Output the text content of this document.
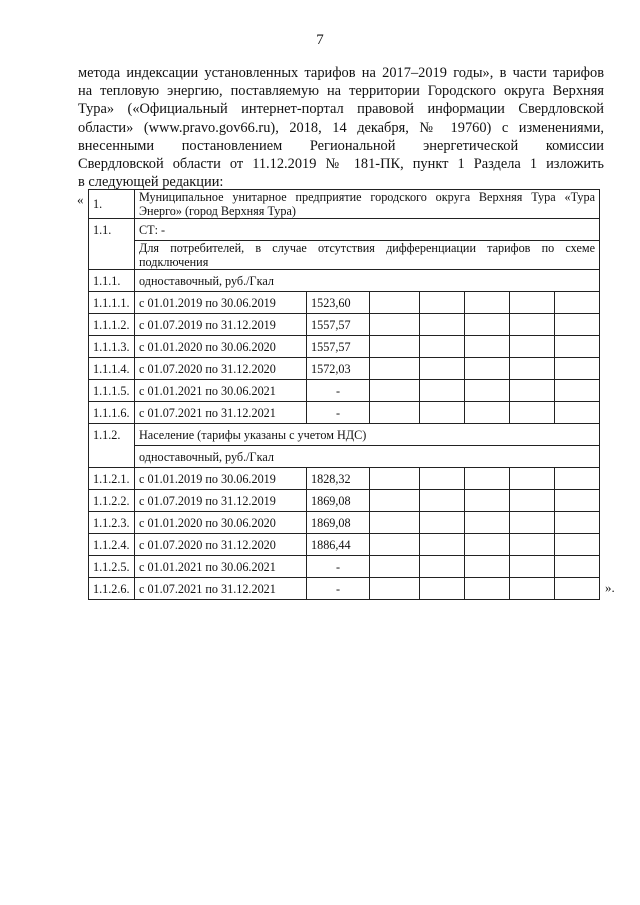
7
метода индексации установленных тарифов на 2017–2019 годы», в части тарифов
на тепловую энергию, поставляемую на территории Городского округа Верхняя
Тура» («Официальный интернет-портал правовой информации Свердловской
области» (www.pravo.gov66.ru), 2018, 14 декабря, № 19760) с изменениями,
внесенными постановлением Региональной энергетической комиссии
Свердловской области от 11.12.2019 № 181-ПК, пункт 1 Раздела 1 изложить
в следующей редакции:
« 1.	Муниципальное унитарное предприятие городского округа Верхняя Тура «Тура Энерго» (город Верхняя Тура)						
1.1.	СТ: -						
	Для потребителей, в случае отсутствия дифференциации тарифов по схеме подключения						
1.1.1.	одноставочный, руб./Гкал						
1.1.1.1.	с 01.01.2019 по 30.06.2019	1523,60					
1.1.1.2.	с 01.07.2019 по 31.12.2019	1557,57					
1.1.1.3.	с 01.01.2020 по 30.06.2020	1557,57					
1.1.1.4.	с 01.07.2020 по 31.12.2020	1572,03					
1.1.1.5.	с 01.01.2021 по 30.06.2021	-					
1.1.1.6.	с 01.07.2021 по 31.12.2021	-					
1.1.2.	Население (тарифы указаны с учетом НДС)						
	одноставочный, руб./Гкал						
1.1.2.1.	с 01.01.2019 по 30.06.2019	1828,32					
1.1.2.2.	с 01.07.2019 по 31.12.2019	1869,08					
1.1.2.3.	с 01.01.2020 по 30.06.2020	1869,08					
1.1.2.4.	с 01.07.2020 по 31.12.2020	1886,44					
1.1.2.5.	с 01.01.2021 по 30.06.2021	-					
1.1.2.6.	с 01.07.2021 по 31.12.2021	-						».
